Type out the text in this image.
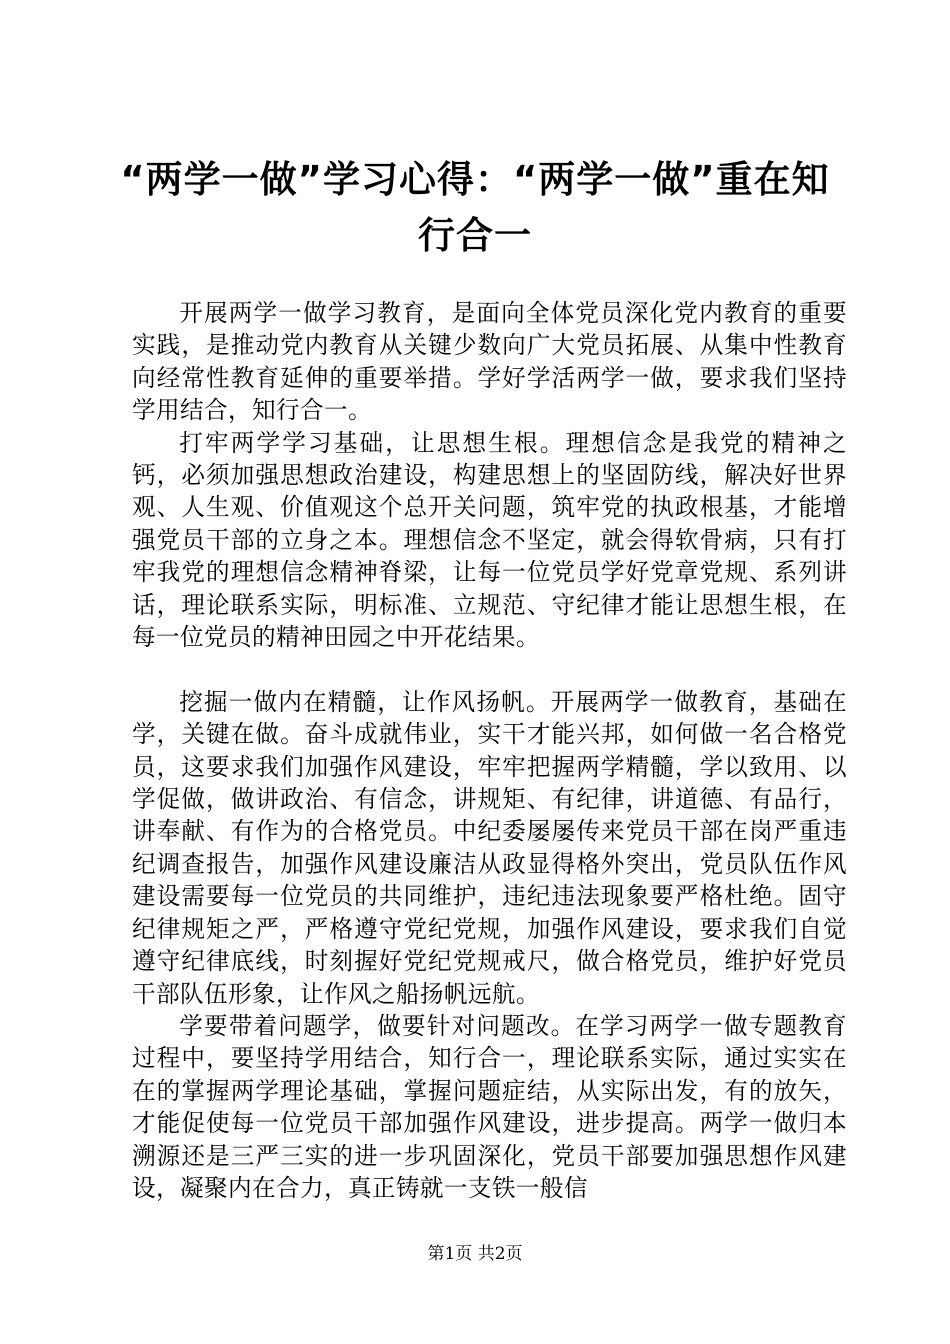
“两学一做”学习心得：“两学一做”重在知行合一

开展两学一做学习教育，是面向全体党员深化党内教育的重要实践，是推动党内教育从关键少数向广大党员拓展、从集中性教育向经常性教育延伸的重要举措。学好学活两学一做，要求我们坚持学用结合，知行合一。

打牢两学学习基础，让思想生根。理想信念是我党的精神之钙，必须加强思想政治建设，构建思想上的坚固防线，解决好世界观、人生观、价值观这个总开关问题，筑牢党的执政根基，才能增强党员干部的立身之本。理想信念不坚定，就会得软骨病，只有打牢我党的理想信念精神脊梁，让每一位党员学好党章党规、系列讲话，理论联系实际，明标准、立规范、守纪律才能让思想生根，在每一位党员的精神田园之中开花结果。

挖掘一做内在精髓，让作风扬帆。开展两学一做教育，基础在学，关键在做。奋斗成就伟业，实干才能兴邦，如何做一名合格党员，这要求我们加强作风建设，牢牢把握两学精髓，学以致用、以学促做，做讲政治、有信念，讲规矩、有纪律，讲道德、有品行，讲奉献、有作为的合格党员。中纪委屡屡传来党员干部在岗严重违纪调查报告，加强作风建设廉洁从政显得格外突出，党员队伍作风建设需要每一位党员的共同维护，违纪违法现象要严格杜绝。固守纪律规矩之严，严格遵守党纪党规，加强作风建设，要求我们自觉遵守纪律底线，时刻握好党纪党规戒尺，做合格党员，维护好党员干部队伍形象，让作风之船扬帆远航。

学要带着问题学，做要针对问题改。在学习两学一做专题教育过程中，要坚持学用结合，知行合一，理论联系实际，通过实实在在的掌握两学理论基础，掌握问题症结，从实际出发，有的放矢，才能促使每一位党员干部加强作风建设，进步提高。两学一做归本溯源还是三严三实的进一步巩固深化，党员干部要加强思想作风建设，凝聚内在合力，真正铸就一支铁一般信

第1页 共2页
